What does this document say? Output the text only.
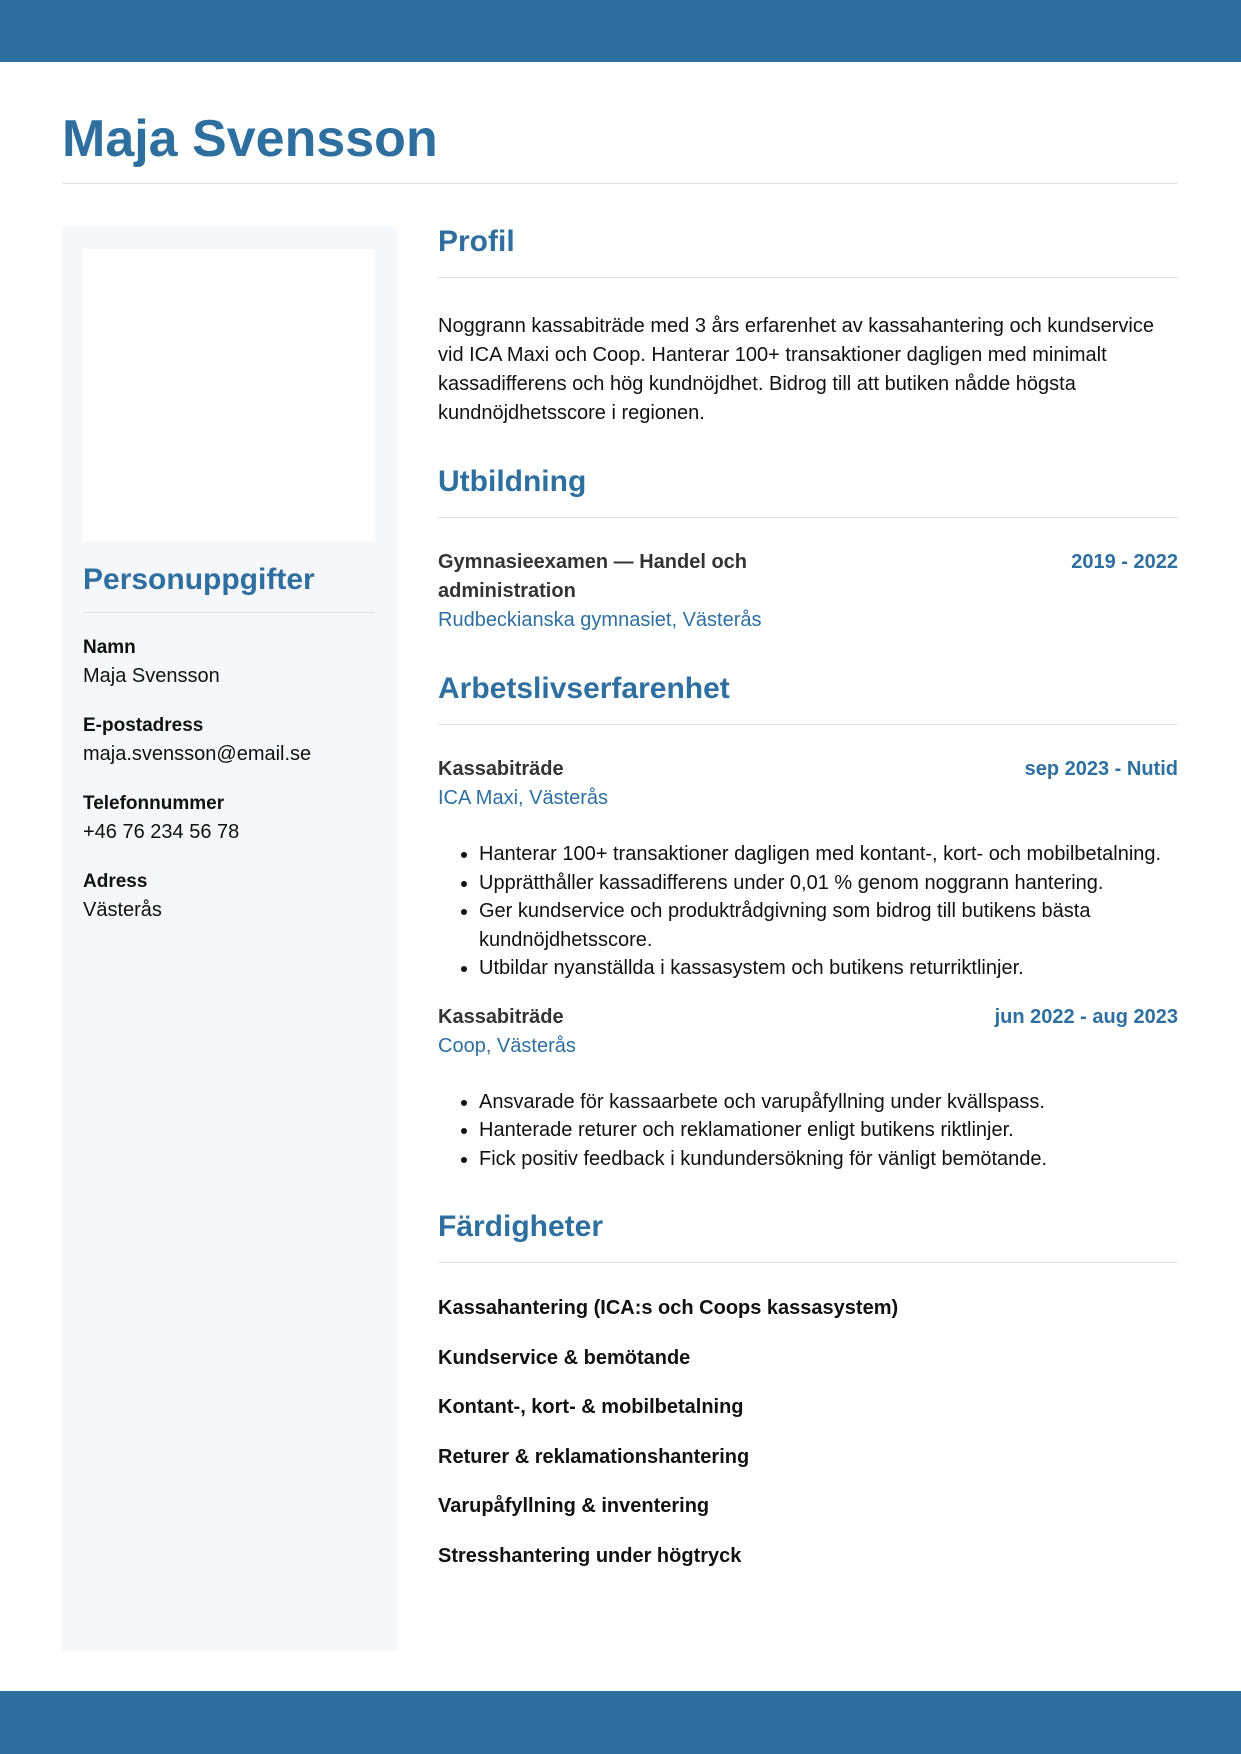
Maja Svensson
Personuppgifter
Namn
Maja Svensson
E-postadress
maja.svensson@email.se
Telefonnummer
+46 76 234 56 78
Adress
Västerås
Profil

Noggrann kassabiträde med 3 års erfarenhet av kassahantering och kundservice vid ICA Maxi och Coop. Hanterar 100+ transaktioner dagligen med minimalt kassadifferens och hög kundnöjdhet. Bidrog till att butiken nådde högsta kundnöjdhetsscore i regionen.

Utbildning
Gymnasieexamen — Handel och administration
2019 - 2022
Rudbeckianska gymnasiet, Västerås
Arbetslivserfarenhet
Kassabiträde	sep 2023 - Nutid
ICA Maxi, Västerås
• Hanterar 100+ transaktioner dagligen med kontant-, kort- och mobilbetalning.
• Upprätthåller kassadifferens under 0,01 % genom noggrann hantering.
• Ger kundservice och produktrådgivning som bidrog till butikens bästa kundnöjdhetsscore.
• Utbildar nyanställda i kassasystem och butikens returriktlinjer.
Kassabiträde	jun 2022 - aug 2023
Coop, Västerås
• Ansvarade för kassaarbete och varupåfyllning under kvällspass.
• Hanterade returer och reklamationer enligt butikens riktlinjer.
• Fick positiv feedback i kundundersökning för vänligt bemötande.
Färdigheter
Kassahantering (ICA:s och Coops kassasystem)
Kundservice & bemötande
Kontant-, kort- & mobilbetalning
Returer & reklamationshantering
Varupåfyllning & inventering
Stresshantering under högtryck
